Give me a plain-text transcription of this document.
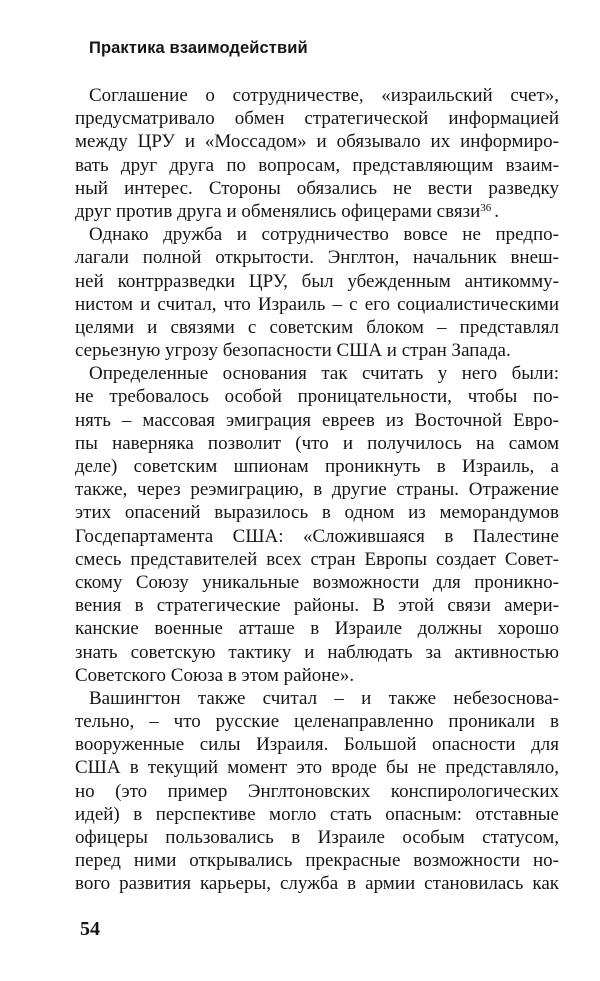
Практика взаимодействий
Соглашение о сотрудничестве, «израильский счет»,
предусматривало обмен стратегической информацией
между ЦРУ и «Моссадом» и обязывало их информиро-
вать друг друга по вопросам, представляющим взаим-
ный интерес. Стороны обязались не вести разведку
друг против друга и обменялись офицерами связи$^{36}$ .
Однако дружба и сотрудничество вовсе не предпо-
лагали полной открытости. Энглтон, начальник внеш-
ней контрразведки ЦРУ, был убежденным антикомму-
нистом и считал, что Израиль – с его социалистическими
целями и связями с советским блоком – представлял
серьезную угрозу безопасности США и стран Запада.
Определенные основания так считать у него были:
не требовалось особой проницательности, чтобы по-
нять – массовая эмиграция евреев из Восточной Евро-
пы наверняка позволит (что и получилось на самом
деле) советским шпионам проникнуть в Израиль, а
также, через реэмиграцию, в другие страны. Отражение
этих опасений выразилось в одном из меморандумов
Госдепартамента США: «Сложившаяся в Палестине
смесь представителей всех стран Европы создает Совет-
скому Союзу уникальные возможности для проникно-
вения в стратегические районы. В этой связи амери-
канские военные атташе в Израиле должны хорошо
знать советскую тактику и наблюдать за активностью
Советского Союза в этом районе».
Вашингтон также считал – и также небезоснова-
тельно, – что русские целенаправленно проникали в
вооруженные силы Израиля. Большой опасности для
США в текущий момент это вроде бы не представляло,
но (это пример Энглтоновских конспирологических
идей) в перспективе могло стать опасным: отставные
офицеры пользовались в Израиле особым статусом,
перед ними открывались прекрасные возможности но-
вого развития карьеры, служба в армии становилась как
54
